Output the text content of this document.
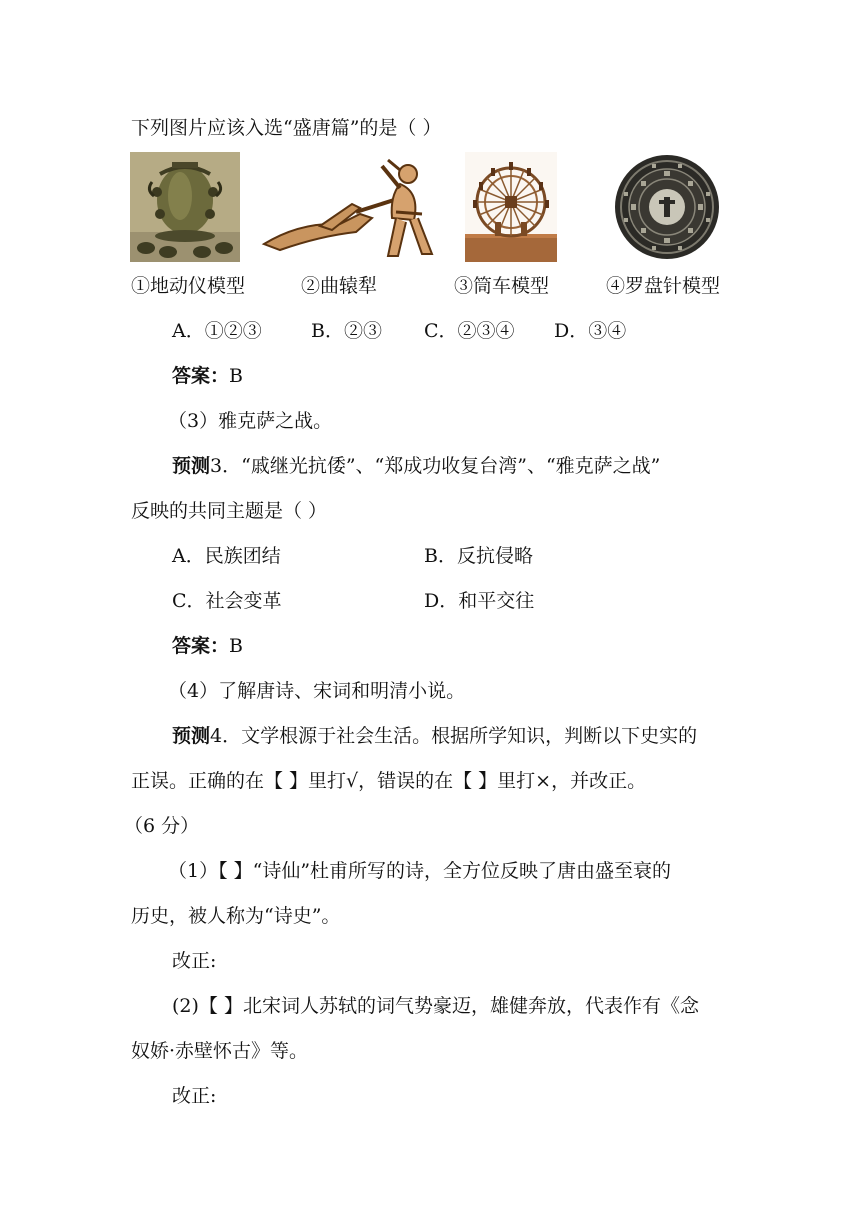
下列图片应该入选“盛唐篇”的是（ ）
①地动仪模型	②曲辕犁	③筒车模型	④罗盘针模型
A．①②③	B．②③ C．②③④ D．③④
答案：B
（3）雅克萨之战。
预测 3．“戚继光抗倭”、“郑成功收复台湾”、“雅克萨之战”
反映的共同主题是（ ）
A．民族团结	B．反抗侵略
C．社会变革	D．和平交往
答案：B
（4）了解唐诗、宋词和明清小说。
预测4．文学根源于社会生活。根据所学知识，判断以下史实的
正误。正确的在【 】里打√，错误的在【 】里打×，并改正。
（6 分）
（1）【 】“诗仙”杜甫所写的诗，全方位反映了唐由盛至衰的
历史，被人称为“诗史”。
改正:
(2)【 】北宋词人苏轼的词气势豪迈，雄健奔放，代表作有《念
奴娇·赤壁怀古》等。
改正:
